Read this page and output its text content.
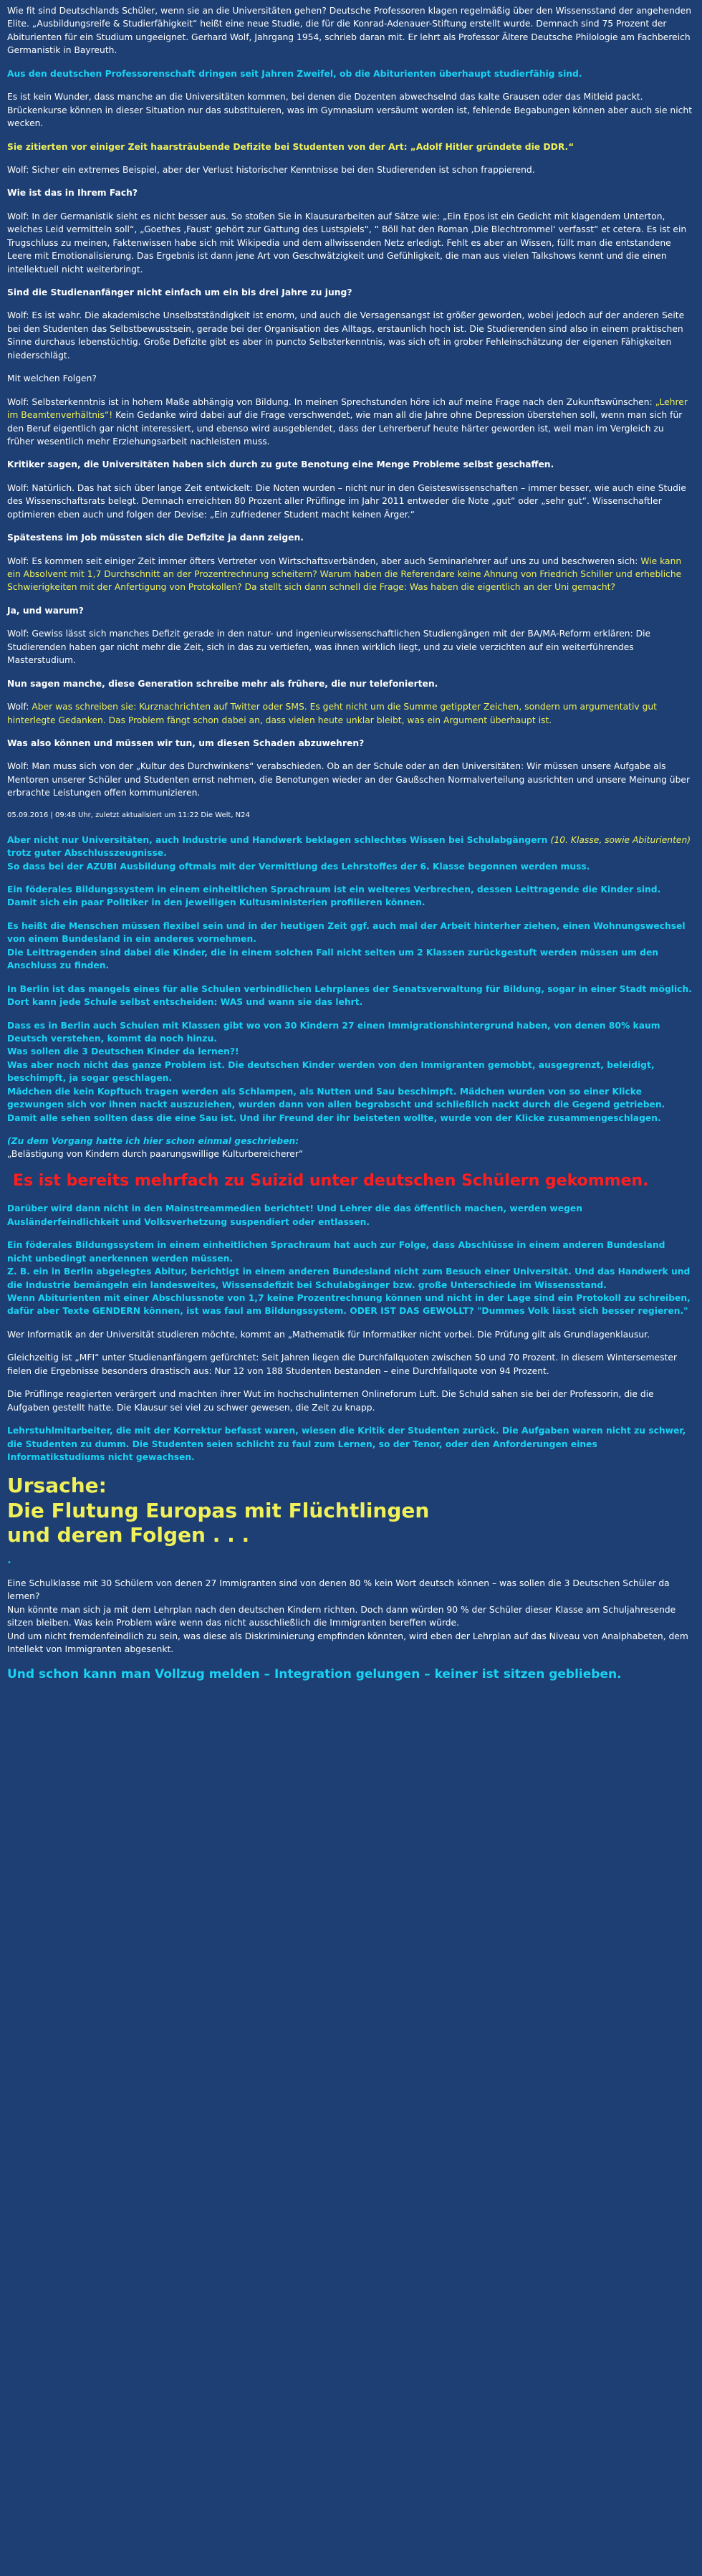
Wie fit sind Deutschlands Schüler, wenn sie an die Universitäten gehen? Deutsche Professoren klagen regelmäßig über den Wissensstand der angehenden Elite. „Ausbildungsreife & Studierfähigkeit“ heißt eine neue Studie, die für die Konrad-Adenauer-Stiftung erstellt wurde. Demnach sind 75 Prozent der Abiturienten für ein Studium ungeeignet. Gerhard Wolf, Jahrgang 1954, schrieb daran mit. Er lehrt als Professor Ältere Deutsche Philologie am Fachbereich Germanistik in Bayreuth.

Aus den deutschen Professorenschaft dringen seit Jahren Zweifel, ob die Abiturienten überhaupt studierfähig sind.

Es ist kein Wunder, dass manche an die Universitäten kommen, bei denen die Dozenten abwechselnd das kalte Grausen oder das Mitleid packt. Brückenkurse können in dieser Situation nur das substituieren, was im Gymnasium versäumt worden ist, fehlende Begabungen können aber auch sie nicht wecken.

Sie zitierten vor einiger Zeit haarsträubende Defizite bei Studenten von der Art: „Adolf Hitler gründete die DDR.“

Wolf: Sicher ein extremes Beispiel, aber der Verlust historischer Kenntnisse bei den Studierenden ist schon frappierend.

Wie ist das in Ihrem Fach?

Wolf: In der Germanistik sieht es nicht besser aus. So stoßen Sie in Klausurarbeiten auf Sätze wie: „Ein Epos ist ein Gedicht mit klagendem Unterton, welches Leid vermitteln soll“, „Goethes ‚Faust‘ gehört zur Gattung des Lustspiels“, “ Böll hat den Roman ‚Die Blechtrommel‘ verfasst“ et cetera. Es ist ein Trugschluss zu meinen, Faktenwissen habe sich mit Wikipedia und dem allwissenden Netz erledigt. Fehlt es aber an Wissen, füllt man die entstandene Leere mit Emotionalisierung. Das Ergebnis ist dann jene Art von Geschwätzigkeit und Gefühligkeit, die man aus vielen Talkshows kennt und die einen intellektuell nicht weiterbringt.

Sind die Studienanfänger nicht einfach um ein bis drei Jahre zu jung?

Wolf: Es ist wahr. Die akademische Unselbstständigkeit ist enorm, und auch die Versagensangst ist größer geworden, wobei jedoch auf der anderen Seite bei den Studenten das Selbstbewusstsein, gerade bei der Organisation des Alltags, erstaunlich hoch ist. Die Studierenden sind also in einem praktischen Sinne durchaus lebenstüchtig. Große Defizite gibt es aber in puncto Selbsterkenntnis, was sich oft in grober Fehleinschätzung der eigenen Fähigkeiten niederschlägt.

Mit welchen Folgen?

Wolf: Selbsterkenntnis ist in hohem Maße abhängig von Bildung. In meinen Sprechstunden höre ich auf meine Frage nach den Zukunftswünschen: „Lehrer im Beamtenverhältnis“! Kein Gedanke wird dabei auf die Frage verschwendet, wie man all die Jahre ohne Depression überstehen soll, wenn man sich für den Beruf eigentlich gar nicht interessiert, und ebenso wird ausgeblendet, dass der Lehrerberuf heute härter geworden ist, weil man im Vergleich zu früher wesentlich mehr Erziehungsarbeit nachleisten muss.

Kritiker sagen, die Universitäten haben sich durch zu gute Benotung eine Menge Probleme selbst geschaffen.

Wolf: Natürlich. Das hat sich über lange Zeit entwickelt: Die Noten wurden – nicht nur in den Geisteswissenschaften – immer besser, wie auch eine Studie des Wissenschaftsrats belegt. Demnach erreichten 80 Prozent aller Prüflinge im Jahr 2011 entweder die Note „gut“ oder „sehr gut“. Wissenschaftler optimieren eben auch und folgen der Devise: „Ein zufriedener Student macht keinen Ärger.“

Spätestens im Job müssten sich die Defizite ja dann zeigen.

Wolf: Es kommen seit einiger Zeit immer öfters Vertreter von Wirtschaftsverbänden, aber auch Seminarlehrer auf uns zu und beschweren sich: Wie kann ein Absolvent mit 1,7 Durchschnitt an der Prozentrechnung scheitern? Warum haben die Referendare keine Ahnung von Friedrich Schiller und erhebliche Schwierigkeiten mit der Anfertigung von Protokollen? Da stellt sich dann schnell die Frage: Was haben die eigentlich an der Uni gemacht?

Ja, und warum?

Wolf: Gewiss lässt sich manches Defizit gerade in den natur- und ingenieurwissenschaftlichen Studiengängen mit der BA/MA-Reform erklären: Die Studierenden haben gar nicht mehr die Zeit, sich in das zu vertiefen, was ihnen wirklich liegt, und zu viele verzichten auf ein weiterführendes Masterstudium.

Nun sagen manche, diese Generation schreibe mehr als frühere, die nur telefonierten.

Wolf: Aber was schreiben sie: Kurznachrichten auf Twitter oder SMS. Es geht nicht um die Summe getippter Zeichen, sondern um argumentativ gut hinterlegte Gedanken. Das Problem fängt schon dabei an, dass vielen heute unklar bleibt, was ein Argument überhaupt ist.

Was also können und müssen wir tun, um diesen Schaden abzuwehren?

Wolf: Man muss sich von der „Kultur des Durchwinkens“ verabschieden. Ob an der Schule oder an den Universitäten: Wir müssen unsere Aufgabe als Mentoren unserer Schüler und Studenten ernst nehmen, die Benotungen wieder an der Gaußschen Normalverteilung ausrichten und unsere Meinung über erbrachte Leistungen offen kommunizieren.

05.09.2016 | 09:48 Uhr, zuletzt aktualisiert um 11:22 Die Welt, N24

Aber nicht nur Universitäten, auch Industrie und Handwerk beklagen schlechtes Wissen bei Schulabgängern (10. Klasse, sowie Abiturienten) trotz guter Abschlusszeugnisse.
So dass bei der AZUBI Ausbildung oftmals mit der Vermittlung des Lehrstoffes der 6. Klasse begonnen werden muss.

Ein föderales Bildungssystem in einem einheitlichen Sprachraum ist ein weiteres Verbrechen, dessen Leittragende die Kinder sind. Damit sich ein paar Politiker in den jeweiligen Kultusministerien profilieren können.

Es heißt die Menschen müssen flexibel sein und in der heutigen Zeit ggf. auch mal der Arbeit hinterher ziehen, einen Wohnungswechsel von einem Bundesland in ein anderes vornehmen.
Die Leittragenden sind dabei die Kinder, die in einem solchen Fall nicht selten um 2 Klassen zurückgestuft werden müssen um den Anschluss zu finden.

In Berlin ist das mangels eines für alle Schulen verbindlichen Lehrplanes der Senatsverwaltung für Bildung, sogar in einer Stadt möglich. Dort kann jede Schule selbst entscheiden: WAS und wann sie das lehrt.

Dass es in Berlin auch Schulen mit Klassen gibt wo von 30 Kindern 27 einen Immigrationshintergrund haben, von denen 80% kaum Deutsch verstehen, kommt da noch hinzu.
Was sollen die 3 Deutschen Kinder da lernen?!
Was aber noch nicht das ganze Problem ist. Die deutschen Kinder werden von den Immigranten gemobbt, ausgegrenzt, beleidigt, beschimpft, ja sogar geschlagen.
Mädchen die kein Kopftuch tragen werden als Schlampen, als Nutten und Sau beschimpft. Mädchen wurden von so einer Klicke gezwungen sich vor ihnen nackt auszuziehen, wurden dann von allen begrabscht und schließlich nackt durch die Gegend getrieben. Damit alle sehen sollten dass die eine Sau ist. Und ihr Freund der ihr beisteten wollte, wurde von der Klicke zusammengeschlagen.

(Zu dem Vorgang hatte ich hier schon einmal geschrieben:
„Belästigung von Kindern durch paarungswillige Kulturbereicherer“

Es ist bereits mehrfach zu Suizid unter deutschen Schülern gekommen.

Darüber wird dann nicht in den Mainstreammedien berichtet! Und Lehrer die das öffentlich machen, werden wegen Ausländerfeindlichkeit und Volksverhetzung suspendiert oder entlassen.

Ein föderales Bildungssystem in einem einheitlichen Sprachraum hat auch zur Folge, dass Abschlüsse in einem anderen Bundesland nicht unbedingt anerkennen werden müssen.
Z. B. ein in Berlin abgelegtes Abitur, berichtigt in einem anderen Bundesland nicht zum Besuch einer Universität. Und das Handwerk und die Industrie bemängeln ein landesweites, Wissensdefizit bei Schulabgänger bzw. große Unterschiede im Wissensstand.
Wenn Abiturienten mit einer Abschlussnote von 1,7 keine Prozentrechnung können und nicht in der Lage sind ein Protokoll zu schreiben, dafür aber Texte GENDERN können, ist was faul am Bildungssystem. ODER IST DAS GEWOLLT? "Dummes Volk lässt sich besser regieren."

Wer Informatik an der Universität studieren möchte, kommt an „Mathematik für Informatiker nicht vorbei. Die Prüfung gilt als Grundlagenklausur.

Gleichzeitig ist „MFI“ unter Studienanfängern gefürchtet: Seit Jahren liegen die Durchfallquoten zwischen 50 und 70 Prozent. In diesem Wintersemester fielen die Ergebnisse besonders drastisch aus: Nur 12 von 188 Studenten bestanden – eine Durchfallquote von 94 Prozent.

Die Prüflinge reagierten verärgert und machten ihrer Wut im hochschulinternen Onlineforum Luft. Die Schuld sahen sie bei der Professorin, die die Aufgaben gestellt hatte. Die Klausur sei viel zu schwer gewesen, die Zeit zu knapp.

Lehrstuhlmitarbeiter, die mit der Korrektur befasst waren, wiesen die Kritik der Studenten zurück. Die Aufgaben waren nicht zu schwer, die Studenten zu dumm. Die Studenten seien schlicht zu faul zum Lernen, so der Tenor, oder den Anforderungen eines Informatikstudiums nicht gewachsen.

Ursache:
Die Flutung Europas mit Flüchtlingen
und deren Folgen . . .

•

Eine Schulklasse mit 30 Schülern von denen 27 Immigranten sind von denen 80 % kein Wort deutsch können – was sollen die 3 Deutschen Schüler da lernen?
Nun könnte man sich ja mit dem Lehrplan nach den deutschen Kindern richten. Doch dann würden 90 % der Schüler dieser Klasse am Schuljahresende sitzen bleiben. Was kein Problem wäre wenn das nicht ausschließlich die Immigranten bereffen würde.
Und um nicht fremdenfeindlich zu sein, was diese als Diskriminierung empfinden könnten, wird eben der Lehrplan auf das Niveau von Analphabeten, dem Intellekt von Immigranten abgesenkt.

Und schon kann man Vollzug melden – Integration gelungen – keiner ist sitzen geblieben.
